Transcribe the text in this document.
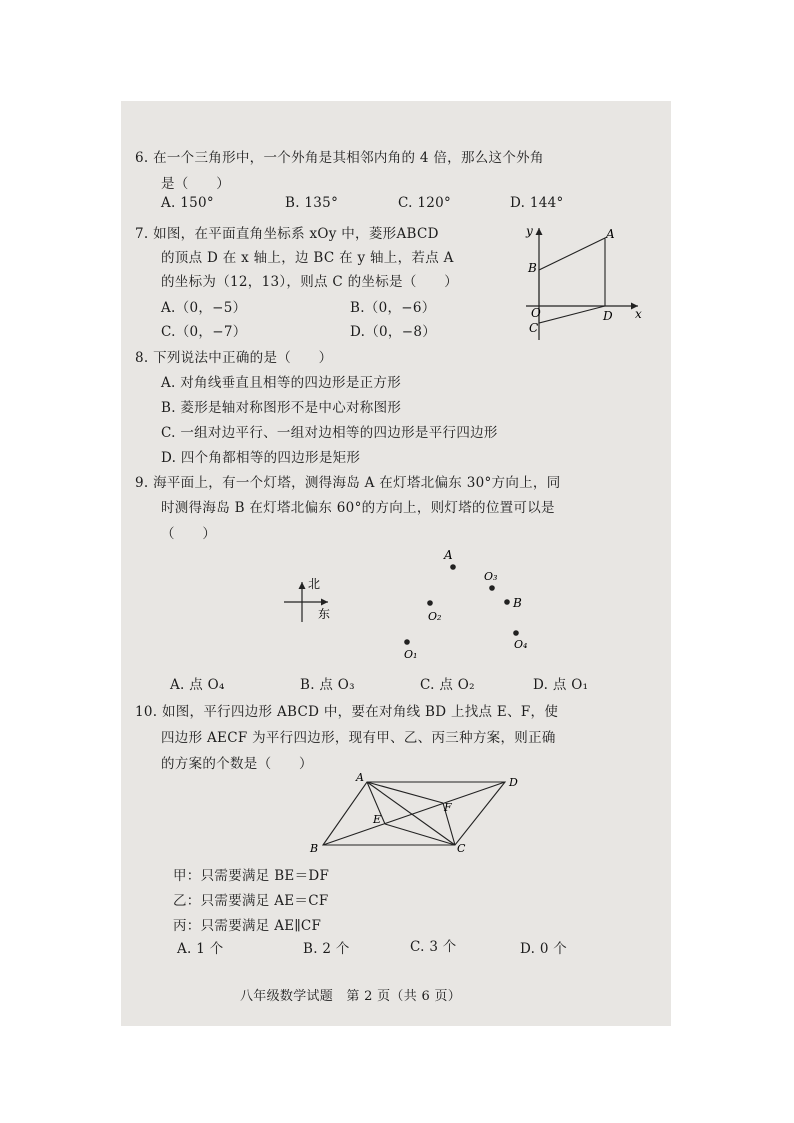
6. 在一个三角形中，一个外角是其相邻内角的 4 倍，那么这个外角
是（　　）
A. 150°	B. 135°	C. 120°	D. 144°
7. 如图，在平面直角坐标系 xOy 中，菱形ABCD
的顶点 D 在 x 轴上，边 BC 在 y 轴上，若点 A
的坐标为（12，13），则点 C 的坐标是（　　）
A.（0，−5）	B.（0，−6）
C.（0，−7）	D.（0，−8）
y	A
B
O
C
D x
8. 下列说法中正确的是（　　）
A. 对角线垂直且相等的四边形是正方形
B. 菱形是轴对称图形不是中心对称图形
C. 一组对边平行、一组对边相等的四边形是平行四边形
D. 四个角都相等的四边形是矩形
9. 海平面上，有一个灯塔，测得海岛 A 在灯塔北偏东 30°方向上，同
时测得海岛 B 在灯塔北偏东 60°的方向上，则灯塔的位置可以是
（　　）
北
东
A
O₃
O₂
B
O₄
O₁
A. 点 O₄	B. 点 O₃	C. 点 O₂	D. 点 O₁
10. 如图，平行四边形 ABCD 中，要在对角线 BD 上找点 E、F，使
四边形 AECF 为平行四边形，现有甲、乙、丙三种方案，则正确
的方案的个数是（　　）
A	D
B	C
E
F
甲：只需要满足 BE＝DF
乙：只需要满足 AE＝CF
丙：只需要满足 AE∥CF
A. 1 个	B. 2 个	C. 3 个	D. 0 个
八年级数学试题　第 2 页（共 6 页）
